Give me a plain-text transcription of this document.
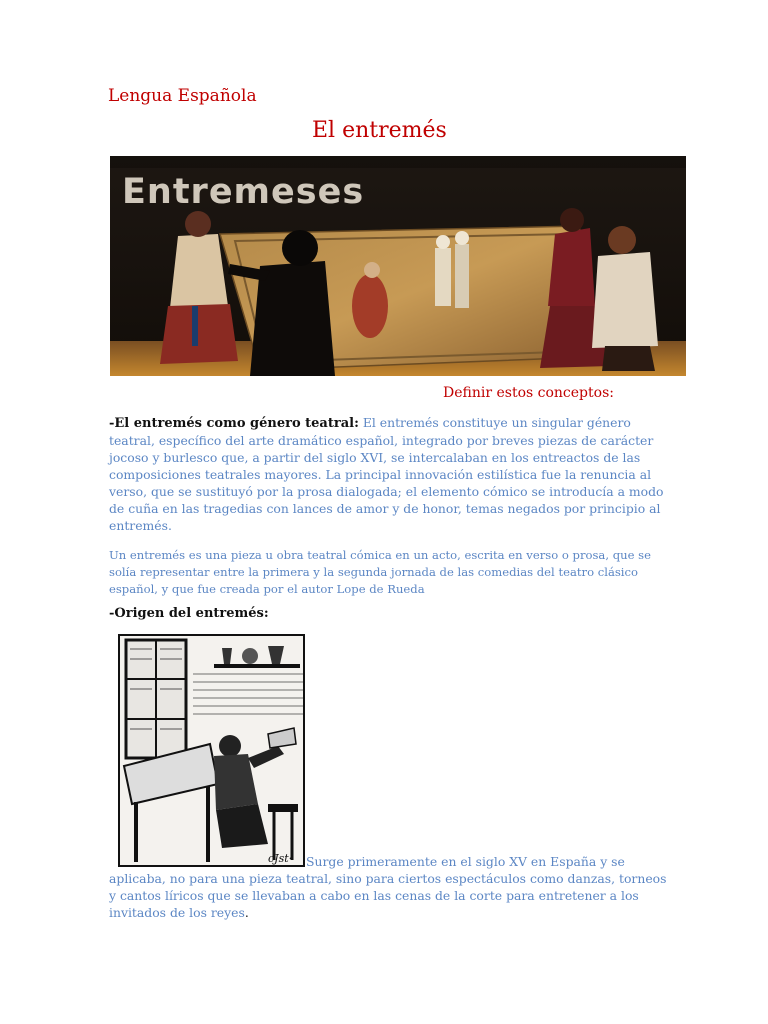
Lengua Española
El entremés
Entremeses
Definir estos conceptos:
-El entremés como género teatral: El entremés constituye un singular género teatral, específico del arte dramático español, integrado por breves piezas de carácter jocoso y burlesco que, a partir del siglo XVI, se intercalaban en los entreactos de las composiciones teatrales mayores. La principal innovación estilística fue la renuncia al verso, que se sustituyó por la prosa dialogada; el elemento cómico se introducía a modo de cuña en las tragedias con lances de amor y de honor, temas negados por principio al entremés.
Un entremés es una pieza u obra teatral cómica en un acto, escrita en verso o prosa, que se solía representar entre la primera y la segunda jornada de las comedias del teatro clásico español, y que fue creada por el autor Lope de Rueda
-Origen del entremés:
cJst·	Surge primeramente en el siglo XV en España y se
aplicaba, no para una pieza teatral, sino para ciertos espectáculos como danzas, torneos y cantos líricos que se llevaban a cabo en las cenas de la corte para entretener a los invitados de los reyes.
